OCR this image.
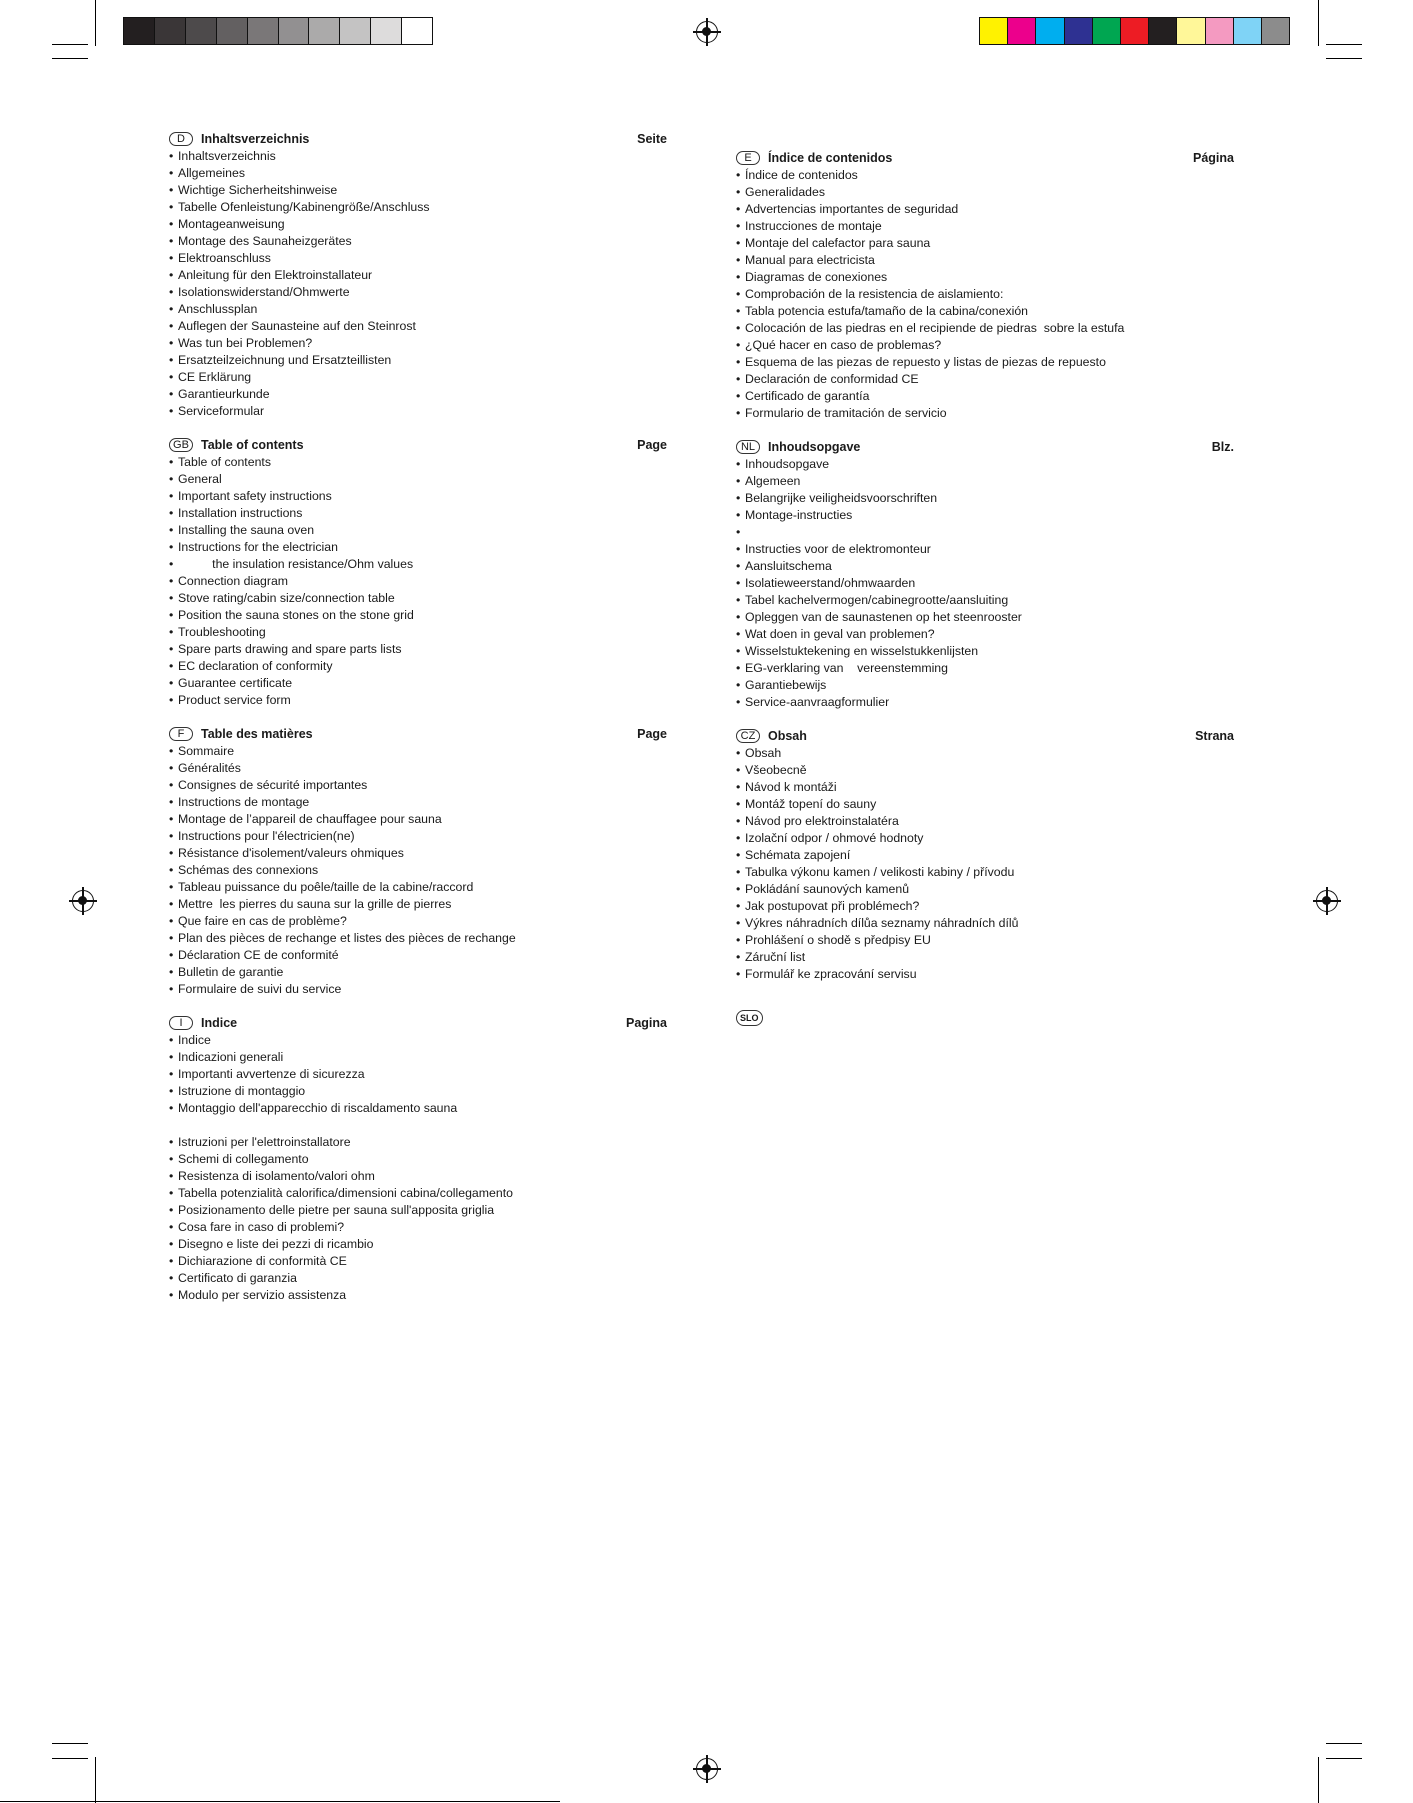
D	Inhaltsverzeichnis	Seite
• Inhaltsverzeichnis
• Allgemeines
• Wichtige Sicherheitshinweise
• Tabelle Ofenleistung/Kabinengröße/Anschluss
• Montageanweisung
• Montage des Saunaheizgerätes
• Elektroanschluss
• Anleitung für den Elektroinstallateur
• Isolationswiderstand/Ohmwerte
• Anschlussplan
• Auflegen der Saunasteine auf den Steinrost
• Was tun bei Problemen?
• Ersatzteilzeichnung und Ersatzteillisten
• CE Erklärung
• Garantieurkunde
• Serviceformular
GB Table of contents	Page
• Table of contents
• General
• Important safety instructions
• Installation instructions
• Installing the sauna oven
• Instructions for the electrician
•          the insulation resistance/Ohm values
• Connection diagram
• Stove rating/cabin size/connection table
• Position the sauna stones on the stone grid
• Troubleshooting
• Spare parts drawing and spare parts lists
• EC declaration of conformity
• Guarantee certificate
• Product service form
F	Table des matières	Page
• Sommaire
• Généralités
• Consignes de sécurité importantes
• Instructions de montage
• Montage de l’appareil de chauffagee pour sauna
• Instructions pour l'électricien(ne)
• Résistance d'isolement/valeurs ohmiques
• Schémas des connexions
• Tableau puissance du poêle/taille de la cabine/raccord
• Mettre  les pierres du sauna sur la grille de pierres
• Que faire en cas de problème?
• Plan des pièces de rechange et listes des pièces de rechange
• Déclaration CE de conformité
• Bulletin de garantie
• Formulaire de suivi du service
I	Indice	Pagina
• Indice
• Indicazioni generali
• Importanti avvertenze di sicurezza
• Istruzione di montaggio
• Montaggio dell'apparecchio di riscaldamento sauna
• Istruzioni per l'elettroinstallatore
• Schemi di collegamento
• Resistenza di isolamento/valori ohm
• Tabella potenzialità calorifica/dimensioni cabina/collegamento
• Posizionamento delle pietre per sauna sull'apposita griglia
• Cosa fare in caso di problemi?
• Disegno e liste dei pezzi di ricambio
• Dichiarazione di conformità CE
• Certificato di garanzia
• Modulo per servizio assistenza
E	Índice de contenidos	Página
• Índice de contenidos
• Generalidades
• Advertencias importantes de seguridad
• Instrucciones de montaje
• Montaje del calefactor para sauna
• Manual para electricista
• Diagramas de conexiones
• Comprobación de la resistencia de aislamiento:
• Tabla potencia estufa/tamaño de la cabina/conexión
• Colocación de las piedras en el recipiende de piedras  sobre la estufa
• ¿Qué hacer en caso de problemas?
• Esquema de las piezas de repuesto y listas de piezas de repuesto
• Declaración de conformidad CE
• Certificado de garantía
• Formulario de tramitación de servicio
NL	Inhoudsopgave	Blz.
• Inhoudsopgave
• Algemeen
• Belangrijke veiligheidsvoorschriften
• Montage-instructies
•
• Instructies voor de elektromonteur
• Aansluitschema
• Isolatieweerstand/ohmwaarden
• Tabel kachelvermogen/cabinegrootte/aansluiting
• Opleggen van de saunastenen op het steenrooster
• Wat doen in geval van problemen?
• Wisselstuktekening en wisselstukkenlijsten
• EG-verklaring van    vereenstemming
• Garantiebewijs
• Service-aanvraagformulier
CZ	Obsah	Strana
• Obsah
• Všeobecně
• Návod k montáži
• Montáž topení do sauny
• Návod pro elektroinstalatéra
• Izolační odpor / ohmové hodnoty
• Schémata zapojení
• Tabulka výkonu kamen / velikosti kabiny / přívodu
• Pokládání saunových kamenů
• Jak postupovat při problémech?
• Výkres náhradních dílůa seznamy náhradních dílů
• Prohlášení o shodě s předpisy EU
• Záruční list
• Formulář ke zpracování servisu
SLO
